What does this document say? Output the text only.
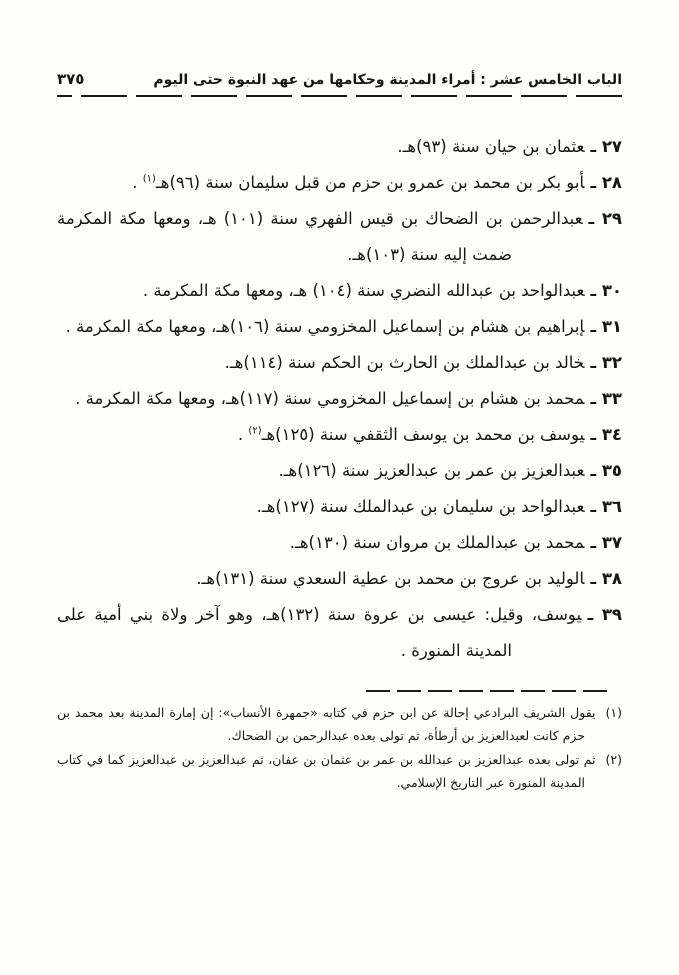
الباب الخامس عشر : أمراء المدينة وحكامها من عهد النبوة حتى اليوم
٣٧٥
٢٧ ـعثمان بن حيان سنة (٩٣)هـ.
٢٨ ـأبو بكر بن محمد بن عمرو بن حزم من قبل سليمان سنة (٩٦)هـ$^{(١)}$ .
٢٩ ـعبدالرحمن بن الضحاك بن قيس الفهري سنة (١٠١) هـ، ومعها مكة المكرمة ضمت إليه سنة (١٠٣)هـ.
٣٠ ـعبدالواحد بن عبدالله النضري سنة (١٠٤) هـ، ومعها مكة المكرمة .
٣١ ـإبراهيم بن هشام بن إسماعيل المخزومي سنة (١٠٦)هـ، ومعها مكة المكرمة .
٣٢ ـخالد بن عبدالملك بن الحارث بن الحكم سنة (١١٤)هـ.
٣٣ ـمحمد بن هشام بن إسماعيل المخزومي سنة (١١٧)هـ، ومعها مكة المكرمة .
٣٤ ـيوسف بن محمد بن يوسف الثقفي سنة (١٢٥)هـ$^{(٢)}$ .
٣٥ ـعبدالعزيز بن عمر بن عبدالعزيز سنة (١٢٦)هـ.
٣٦ ـعبدالواحد بن سليمان بن عبدالملك سنة (١٢٧)هـ.
٣٧ ـمحمد بن عبدالملك بن مروان سنة (١٣٠)هـ.
٣٨ ـالوليد بن عروج بن محمد بن عطية السعدي سنة (١٣١)هـ.
٣٩ ـيوسف، وقيل: عيسى بن عروة سنة (١٣٢)هـ، وهو آخر ولاة بني أمية على المدينة المنورة .
(١)يقول الشريف البرادعي إحالة عن ابن حزم في كتابه «جمهرة الأنساب»: إن إمارة المدينة بعد محمد بن حزم كانت لعبدالعزيز بن أرطأة، ثم تولى بعده عبدالرحمن بن الضحاك.
(٢)ثم تولى بعده عبدالعزيز بن عبدالله بن عمر بن عثمان بن عفان، ثم عبدالعزيز بن عبدالعزيز كما في كتاب المدينة المنورة عبر التاريخ الإسلامي.
